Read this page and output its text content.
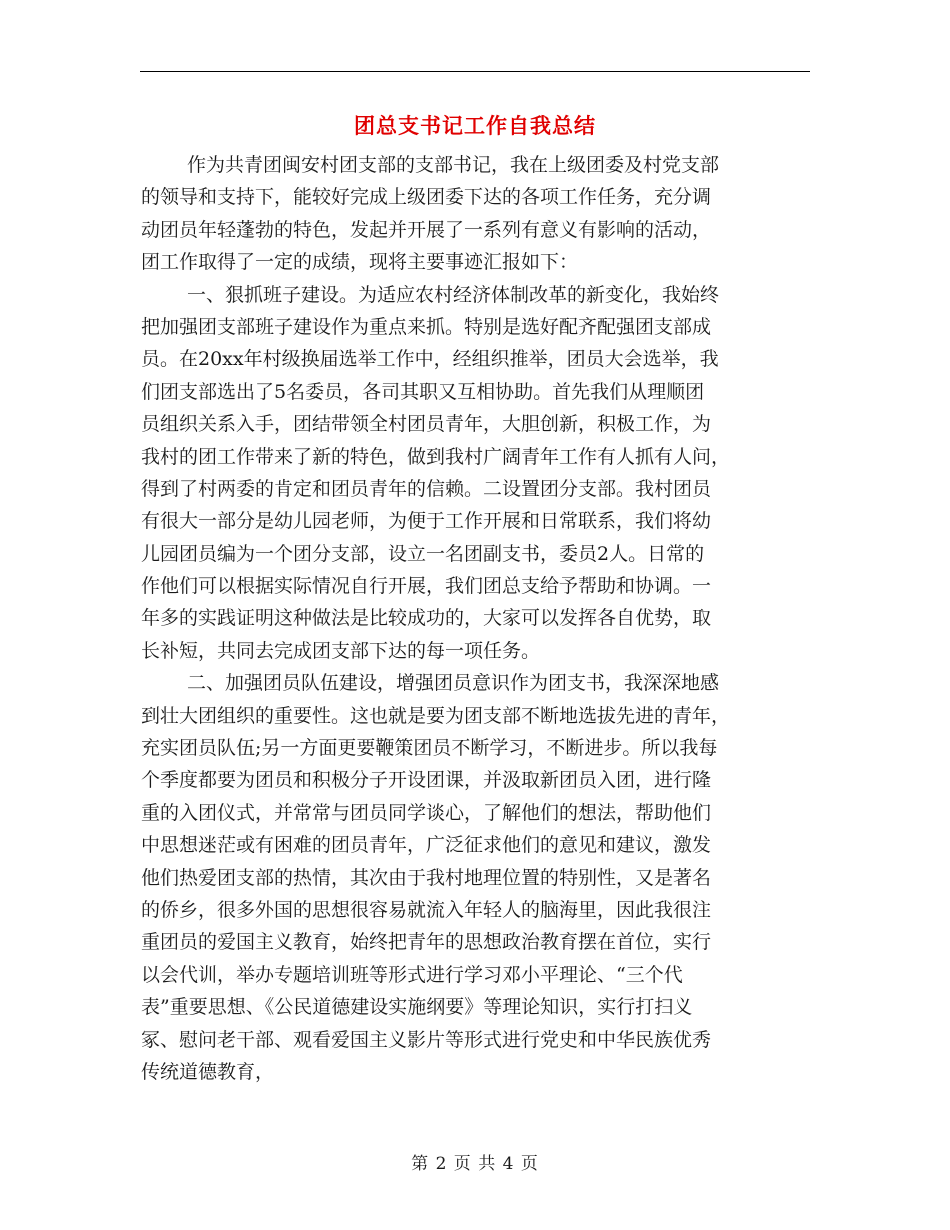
团总支书记工作自我总结
作为共青团闽安村团支部的支部书记，我在上级团委及村党支部
的领导和支持下，能较好完成上级团委下达的各项工作任务，充分调
动团员年轻蓬勃的特色，发起并开展了一系列有意义有影响的活动，
团工作取得了一定的成绩，现将主要事迹汇报如下：
一、狠抓班子建设。为适应农村经济体制改革的新变化，我始终
把加强团支部班子建设作为重点来抓。特别是选好配齐配强团支部成
员。在20xx年村级换届选举工作中，经组织推举，团员大会选举，我
们团支部选出了5名委员，各司其职又互相协助。首先我们从理顺团
员组织关系入手，团结带领全村团员青年，大胆创新，积极工作，为
我村的团工作带来了新的特色，做到我村广阔青年工作有人抓有人问，
得到了村两委的肯定和团员青年的信赖。二设置团分支部。我村团员
有很大一部分是幼儿园老师，为便于工作开展和日常联系，我们将幼
儿园团员编为一个团分支部，设立一名团副支书，委员2人。日常的
作他们可以根据实际情况自行开展，我们团总支给予帮助和协调。一
年多的实践证明这种做法是比较成功的，大家可以发挥各自优势，取
长补短，共同去完成团支部下达的每一项任务。
二、加强团员队伍建设，增强团员意识作为团支书，我深深地感
到壮大团组织的重要性。这也就是要为团支部不断地选拔先进的青年，
充实团员队伍;另一方面更要鞭策团员不断学习，不断进步。所以我每
个季度都要为团员和积极分子开设团课，并汲取新团员入团，进行隆
重的入团仪式，并常常与团员同学谈心，了解他们的想法，帮助他们
中思想迷茫或有困难的团员青年，广泛征求他们的意见和建议，激发
他们热爱团支部的热情，其次由于我村地理位置的特别性，又是著名
的侨乡，很多外国的思想很容易就流入年轻人的脑海里，因此我很注
重团员的爱国主义教育，始终把青年的思想政治教育摆在首位，实行
以会代训，举办专题培训班等形式进行学习邓小平理论、“三个代
表”重要思想、《公民道德建设实施纲要》等理论知识，实行打扫义
冢、慰问老干部、观看爱国主义影片等形式进行党史和中华民族优秀
传统道德教育，
第 2 页 共 4 页
